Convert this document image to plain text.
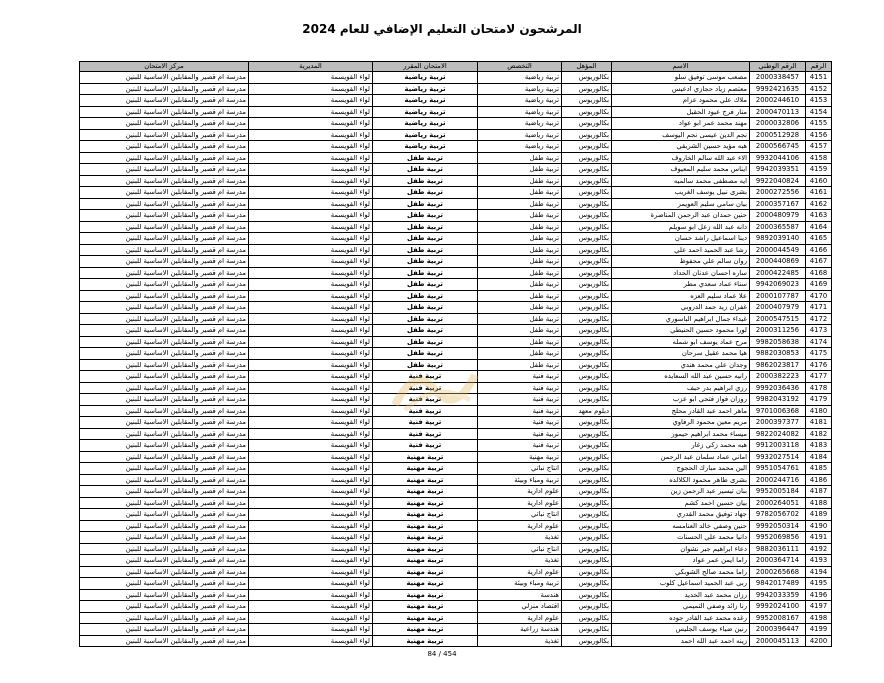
المرشحون لامتحان التعليم الإضافي للعام 2024
الرقم	الرقم الوطني	الاسم	المؤهل	التخصص	الامتحان المقرر	المديرية	مركز الامتحان
4151	2000338457	مصعب موسى توفيق سلو	بكالوريوس	تربية رياضية	تربية رياضية	لواء القويسمة	مدرسة ام قصير والمقابلين الاساسية للبنين
4152	9992421635	معتصم زياد حجازي ادعيس	بكالوريوس	تربية رياضية	تربية رياضية	لواء القويسمة	مدرسة ام قصير والمقابلين الاساسية للبنين
4153	2000244610	ملاك علي محمود عزام	بكالوريوس	تربية رياضية	تربية رياضية	لواء القويسمة	مدرسة ام قصير والمقابلين الاساسية للبنين
4154	2000470113	منار فرج عيود الحقيل	بكالوريوس	تربية رياضية	تربية رياضية	لواء القويسمة	مدرسة ام قصير والمقابلين الاساسية للبنين
4155	2000032806	مهند محمد عمر ابو عواد	بكالوريوس	تربية رياضية	تربية رياضية	لواء القويسمة	مدرسة ام قصير والمقابلين الاساسية للبنين
4156	2000512928	نجم الدين عيسى نجم اليوسف	بكالوريوس	تربية رياضية	تربية رياضية	لواء القويسمة	مدرسة ام قصير والمقابلين الاساسية للبنين
4157	2000566745	هبه مؤيد حسين الشريقي	بكالوريوس	تربية رياضية	تربية رياضية	لواء القويسمة	مدرسة ام قصير والمقابلين الاساسية للبنين
4158	9932044106	الاء عبد الله سالم الخاروف	بكالوريوس	تربية طفل	تربية طفل	لواء القويسمة	مدرسة ام قصير والمقابلين الاساسية للبنين
4159	9942039351	ايناس محمد سليم المعيوف	بكالوريوس	تربية طفل	تربية طفل	لواء القويسمة	مدرسة ام قصير والمقابلين الاساسية للبنين
4160	9922040824	ايه مصطفى محمد سالميه	بكالوريوس	تربية طفل	تربية طفل	لواء القويسمة	مدرسة ام قصير والمقابلين الاساسية للبنين
4161	2000272556	بشرى نبيل يوسف الغريب	بكالوريوس	تربية طفل	تربية طفل	لواء القويسمة	مدرسة ام قصير والمقابلين الاساسية للبنين
4162	2000357167	بيان سامي سليم العويمر	بكالوريوس	تربية طفل	تربية طفل	لواء القويسمة	مدرسة ام قصير والمقابلين الاساسية للبنين
4163	2000480979	حنين حمدان عبد الرحمن المناصرة	بكالوريوس	تربية طفل	تربية طفل	لواء القويسمة	مدرسة ام قصير والمقابلين الاساسية للبنين
4164	2000365587	دانه عبد الله زعل ابو سويلم	بكالوريوس	تربية طفل	تربية طفل	لواء القويسمة	مدرسة ام قصير والمقابلين الاساسية للبنين
4165	9892039140	دينا اسماعيل راشد حسان	بكالوريوس	تربية طفل	تربية طفل	لواء القويسمة	مدرسة ام قصير والمقابلين الاساسية للبنين
4166	2000044549	رشا عبد الحميد احمد علي	بكالوريوس	تربية طفل	تربية طفل	لواء القويسمة	مدرسة ام قصير والمقابلين الاساسية للبنين
4167	2000440869	روان سالم علي محفوظ	بكالوريوس	تربية طفل	تربية طفل	لواء القويسمة	مدرسة ام قصير والمقابلين الاساسية للبنين
4168	2000422485	ساره احسان عدنان الحداد	بكالوريوس	تربية طفل	تربية طفل	لواء القويسمة	مدرسة ام قصير والمقابلين الاساسية للبنين
4169	9942069023	سناء عماد سعدي مطر	بكالوريوس	تربية طفل	تربية طفل	لواء القويسمة	مدرسة ام قصير والمقابلين الاساسية للبنين
4170	2000107787	علا عماد سليم العزه	بكالوريوس	تربية طفل	تربية طفل	لواء القويسمة	مدرسة ام قصير والمقابلين الاساسية للبنين
4171	2000407979	غفران زيد حمد الدروبي	بكالوريوس	تربية طفل	تربية طفل	لواء القويسمة	مدرسة ام قصير والمقابلين الاساسية للبنين
4172	2000547515	غيداء جمال ابراهيم الباسوري	بكالوريوس	تربية طفل	تربية طفل	لواء القويسمة	مدرسة ام قصير والمقابلين الاساسية للبنين
4173	2000311256	لورا محمود حسين الحنيطي	بكالوريوس	تربية طفل	تربية طفل	لواء القويسمة	مدرسة ام قصير والمقابلين الاساسية للبنين
4174	9982058638	مرح عماد يوسف ابو شمله	بكالوريوس	تربية طفل	تربية طفل	لواء القويسمة	مدرسة ام قصير والمقابلين الاساسية للبنين
4175	9882030853	هيا محمد عقيل سرحان	بكالوريوس	تربية طفل	تربية طفل	لواء القويسمة	مدرسة ام قصير والمقابلين الاساسية للبنين
4176	9862023817	وجدان علي محمد هندي	بكالوريوس	تربية طفل	تربية طفل	لواء القويسمة	مدرسة ام قصير والمقابلين الاساسية للبنين
4177	2000382223	رانيه حسين عبد الله السعايده	بكالوريوس	تربية فنية	تربية فنية	لواء القويسمة	مدرسة ام قصير والمقابلين الاساسية للبنين
4178	9992036436	رزي ابراهيم بدر حيف	بكالوريوس	تربية فنية	تربية فنية	لواء القويسمة	مدرسة ام قصير والمقابلين الاساسية للبنين
4179	9982043192	روزان فواز فتحي ابو عزب	بكالوريوس	تربية فنية	تربية فنية	لواء القويسمة	مدرسة ام قصير والمقابلين الاساسية للبنين
4180	9701006368	ماهر احمد عبد القادر محلج	دبلوم معهد	تربية فنية	تربية فنية	لواء القويسمة	مدرسة ام قصير والمقابلين الاساسية للبنين
4181	2000397377	مريم معين محمود الرفاوي	بكالوريوس	تربية فنية	تربية فنية	لواء القويسمة	مدرسة ام قصير والمقابلين الاساسية للبنين
4182	9822024082	ميساء محمد ابراهيم حيمور	بكالوريوس	تربية فنية	تربية فنية	لواء القويسمة	مدرسة ام قصير والمقابلين الاساسية للبنين
4183	9912003118	هبه محمد زكي زغار	بكالوريوس	تربية فنية	تربية فنية	لواء القويسمة	مدرسة ام قصير والمقابلين الاساسية للبنين
4184	9932027514	اماني عماد سلمان عبد الرحمن	بكالوريوس	تربية مهنية	تربية مهنية	لواء القويسمة	مدرسة ام قصير والمقابلين الاساسية للبنين
4185	9951054761	الين محمد مبارك الحجوج	بكالوريوس	انتاج نباتي	تربية مهنية	لواء القويسمة	مدرسة ام قصير والمقابلين الاساسية للبنين
4186	2000244716	بشرى طاهر محمود الكلالده	بكالوريوس	تربية ومباء وبيئة	تربية مهنية	لواء القويسمة	مدرسة ام قصير والمقابلين الاساسية للبنين
4187	9952005184	بنان تيسير عبد الرحمن زين	بكالوريوس	علوم ادارية	تربية مهنية	لواء القويسمة	مدرسة ام قصير والمقابلين الاساسية للبنين
4188	2000264051	بيان حسين احمد كشم	بكالوريوس	علوم ادارية	تربية مهنية	لواء القويسمة	مدرسة ام قصير والمقابلين الاساسية للبنين
4189	9782056702	جهاد توفيق محمد القدري	بكالوريوس	انتاج نباتي	تربية مهنية	لواء القويسمة	مدرسة ام قصير والمقابلين الاساسية للبنين
4190	9992050314	حنين وصفي خالد العنامسه	بكالوريوس	علوم ادارية	تربية مهنية	لواء القويسمة	مدرسة ام قصير والمقابلين الاساسية للبنين
4191	9952069856	دانيا محمد علي الحسنات	بكالوريوس	تغذية	تربية مهنية	لواء القويسمة	مدرسة ام قصير والمقابلين الاساسية للبنين
4192	9882036111	دعاء ابراهيم جبر نشوان	بكالوريوس	انتاج نباتي	تربية مهنية	لواء القويسمة	مدرسة ام قصير والمقابلين الاساسية للبنين
4193	2000364714	راما ايمن عمر عواد	بكالوريوس	تغذية	تربية مهنية	لواء القويسمة	مدرسة ام قصير والمقابلين الاساسية للبنين
4194	2000265668	راما محمد صالح الشوبكي	بكالوريوس	علوم ادارية	تربية مهنية	لواء القويسمة	مدرسة ام قصير والمقابلين الاساسية للبنين
4195	9842017489	ربى عبد الحميد اسماعيل كلوب	بكالوريوس	تربية ومباء وبيئة	تربية مهنية	لواء القويسمة	مدرسة ام قصير والمقابلين الاساسية للبنين
4196	9942033359	رزان محمد عبد الحديد	بكالوريوس	هندسة	تربية مهنية	لواء القويسمة	مدرسة ام قصير والمقابلين الاساسية للبنين
4197	9992024100	رنا زائد وصفي التميمي	بكالوريوس	اقتصاد منزلي	تربية مهنية	لواء القويسمة	مدرسة ام قصير والمقابلين الاساسية للبنين
4198	9952008167	رغده محمد عبد القادر جوده	بكالوريوس	علوم ادارية	تربية مهنية	لواء القويسمة	مدرسة ام قصير والمقابلين الاساسية للبنين
4199	2000396447	رنين ضياء يوسف الجليس	بكالوريوس	هندسة زراعية	تربية مهنية	لواء القويسمة	مدرسة ام قصير والمقابلين الاساسية للبنين
4200	2000045113	زينه احمد عبد الله احمد	بكالوريوس	تغذية	تربية مهنية	لواء القويسمة	مدرسة ام قصير والمقابلين الاساسية للبنين
84 / 454
